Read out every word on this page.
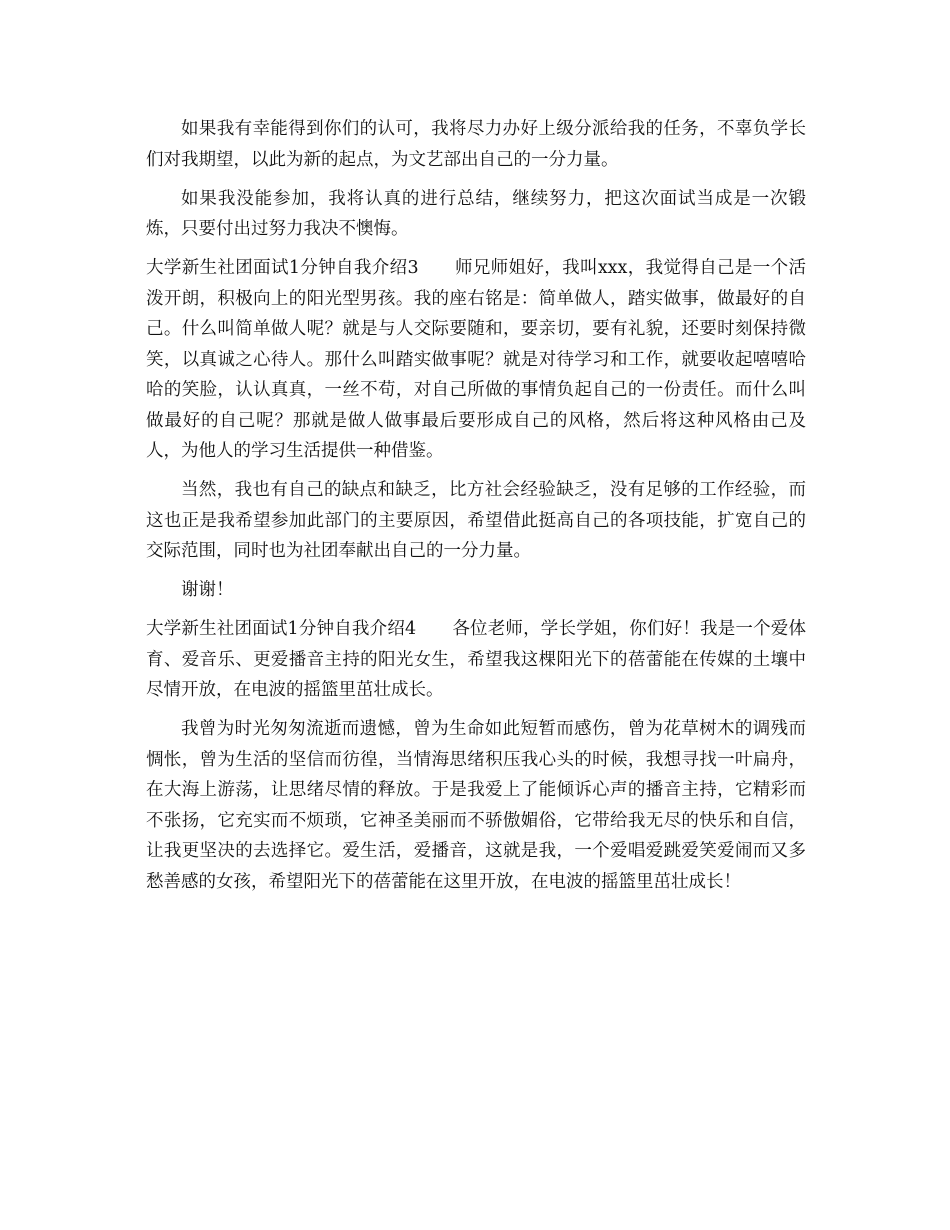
如果我有幸能得到你们的认可，我将尽力办好上级分派给我的任务，不辜负学长们对我期望，以此为新的起点，为文艺部出自己的一分力量。

如果我没能参加，我将认真的进行总结，继续努力，把这次面试当成是一次锻炼，只要付出过努力我决不懊悔。

大学新生社团面试1分钟自我介绍3 师兄师姐好，我叫xxx，我觉得自己是一个活泼开朗，积极向上的阳光型男孩。我的座右铭是：简单做人，踏实做事，做最好的自己。什么叫简单做人呢？就是与人交际要随和，要亲切，要有礼貌，还要时刻保持微笑，以真诚之心待人。那什么叫踏实做事呢？就是对待学习和工作，就要收起嘻嘻哈哈的笑脸，认认真真，一丝不苟，对自己所做的事情负起自己的一份责任。而什么叫做最好的自己呢？那就是做人做事最后要形成自己的风格，然后将这种风格由己及人，为他人的学习生活提供一种借鉴。

当然，我也有自己的缺点和缺乏，比方社会经验缺乏，没有足够的工作经验，而这也正是我希望参加此部门的主要原因，希望借此挺高自己的各项技能，扩宽自己的交际范围，同时也为社团奉献出自己的一分力量。

谢谢！

大学新生社团面试1分钟自我介绍4 各位老师，学长学姐，你们好！我是一个爱体育、爱音乐、更爱播音主持的阳光女生，希望我这棵阳光下的蓓蕾能在传媒的土壤中尽情开放，在电波的摇篮里茁壮成长。

我曾为时光匆匆流逝而遗憾，曾为生命如此短暂而感伤，曾为花草树木的调残而惆怅，曾为生活的坚信而彷徨，当情海思绪积压我心头的时候，我想寻找一叶扁舟，在大海上游荡，让思绪尽情的释放。于是我爱上了能倾诉心声的播音主持，它精彩而不张扬，它充实而不烦琐，它神圣美丽而不骄傲媚俗，它带给我无尽的快乐和自信，让我更坚决的去选择它。爱生活，爱播音，这就是我，一个爱唱爱跳爱笑爱闹而又多愁善感的女孩，希望阳光下的蓓蕾能在这里开放，在电波的摇篮里茁壮成长！
